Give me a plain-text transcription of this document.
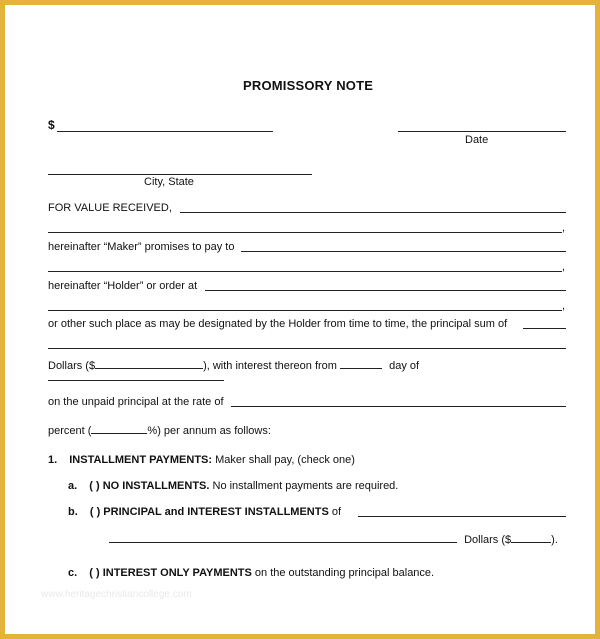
PROMISSORY NOTE
$
Date
City, State
FOR VALUE RECEIVED,
,
hereinafter “Maker” promises to pay to
,
hereinafter “Holder” or order at
,
or other such place as may be designated by the Holder from time to time, the principal sum of
Dollars ($	), with interest thereon from	day of
on the unpaid principal at the rate of
percent (	%) per annum as follows:
1. INSTALLMENT PAYMENTS: Maker shall pay, (check one)
a. ( ) NO INSTALLMENTS. No installment payments are required.
b. ( ) PRINCIPAL and INTEREST INSTALLMENTS of
Dollars ($	).
c. ( ) INTEREST ONLY PAYMENTS on the outstanding principal balance.
www.heritagechristiancollege.com
